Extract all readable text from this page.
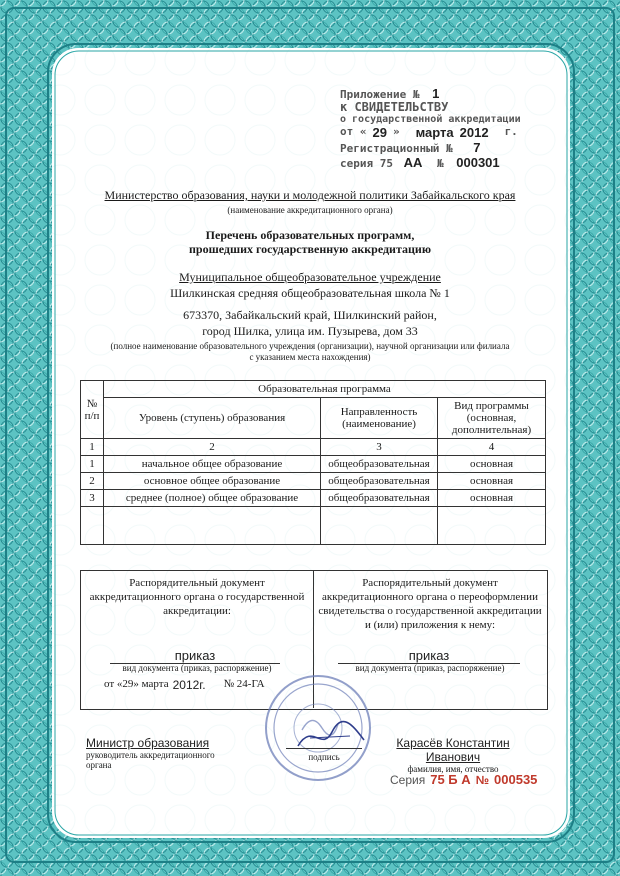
Приложение № 1
к СВИДЕТЕЛЬСТВУ
о государственной аккредитации
от « 29 » марта 2012 г.
Регистрационный № 7
серия 75 АА № 000301
Министерство образования, науки и молодежной политики Забайкальского края
(наименование аккредитационного органа)
Перечень образовательных программ,
прошедших государственную аккредитацию
Муниципальное общеобразовательное учреждение
Шилкинская средняя общеобразовательная школа № 1
673370, Забайкальский край, Шилкинский район,
город Шилка, улица им. Пузырева, дом 33
(полное наименование образовательного учреждения (организации), научной организации или филиала
с указанием места нахождения)
№ п/п	Образовательная программа		
	Уровень (ступень) образования	Направленность (наименование)	Вид программы (основная, дополнительная)
1	2	3	4
1	начальное общее образование	общеобразовательная	основная
2	основное общее образование	общеобразовательная	основная
3	среднее (полное) общее образование	общеобразовательная	основная

Распорядительный документ аккредитационного органа о государственной аккредитации:
приказ
вид документа (приказ, распоряжение)
от «29» марта 2012г. № 24-ГА
Распорядительный документ аккредитационного органа о переоформлении свидетельства о государственной аккредитации и (или) приложения к нему:
приказ
вид документа (приказ, распоряжение)
Министр образования
руководитель аккредитационного органа
подпись
Карасёв Константин Иванович
фамилия, имя, отчество
Серия 75 Б А № 000535
